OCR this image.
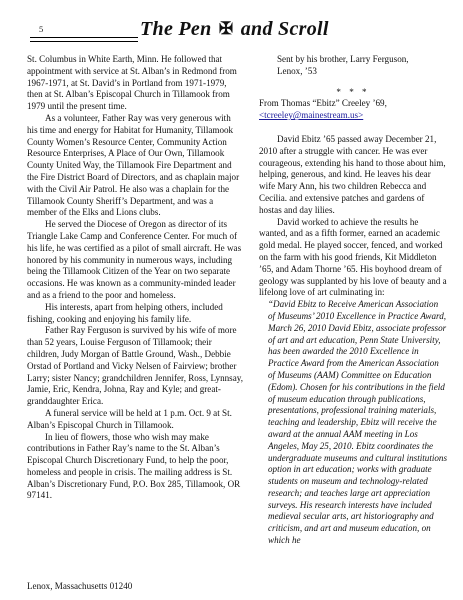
5	The Pen ✠ and Scroll

St. Columbus in White Earth, Minn. He followed that appointment with service at St. Alban’s in Redmond from 1967-1971, at St. David’s in Portland from 1971-1979, then at St. Alban’s Episcopal Church in Tillamook from 1979 until the present time.

As a volunteer, Father Ray was very generous with his time and energy for Habitat for Humanity, Tillamook County Women’s Resource Center, Community Action Resource Enterprises, A Place of Our Own, Tillamook County United Way, the Tillamook Fire Department and the Fire District Board of Directors, and as chaplain major with the Civil Air Patrol. He also was a chaplain for the Tillamook County Sheriff’s Department, and was a member of the Elks and Lions clubs.

He served the Diocese of Oregon as director of its Triangle Lake Camp and Conference Center. For much of his life, he was certified as a pilot of small aircraft. He was honored by his community in numerous ways, including being the Tillamook Citizen of the Year on two separate occasions. He was known as a community-minded leader and as a friend to the poor and homeless.

His interests, apart from helping others, included fishing, cooking and enjoying his family life.

Father Ray Ferguson is survived by his wife of more than 52 years, Louise Ferguson of Tillamook; their children, Judy Morgan of Battle Ground, Wash., Debbie Orstad of Portland and Vicky Nelsen of Fairview; brother Larry; sister Nancy; grandchildren Jennifer, Ross, Lynnsay, Jamie, Eric, Kendra, Johna, Ray and Kyle; and great-granddaughter Erica.

A funeral service will be held at 1 p.m. Oct. 9 at St. Alban’s Episcopal Church in Tillamook.

In lieu of flowers, those who wish may make contributions in Father Ray’s name to the St. Alban’s Episcopal Church Discretionary Fund, to help the poor, homeless and people in crisis. The mailing address is St. Alban’s Discretionary Fund, P.O. Box 285, Tillamook, OR 97141.

Lenox, Massachusetts 01240

Sent by his brother, Larry Ferguson,

Lenox, ’53

* * *

From Thomas “Ebitz” Creeley ’69,

<tcreeley@mainestream.us>

David Ebitz ’65 passed away December 21, 2010 after a struggle with cancer. He was ever courageous, extending his hand to those about him, helping, generous, and kind. He leaves his dear wife Mary Ann, his two children Rebecca and Cecilia. and extensive patches and gardens of hostas and day lilies.

David worked to achieve the results he wanted, and as a fifth former, earned an academic gold medal. He played soccer, fenced, and worked on the farm with his good friends, Kit Middleton ’65, and Adam Thorne ’65. His boyhood dream of geology was supplanted by his love of beauty and a lifelong love of art culminating in:

“David Ebitz to Receive American Association of Museums’ 2010 Excellence in Practice Award, March 26, 2010 David Ebitz, associate professor of art and art education, Penn State University, has been awarded the 2010 Excellence in Practice Award from the American Association of Museums (AAM) Committee on Education (Edom). Chosen for his contributions in the field of museum education through publications, presentations, professional training materials, teaching and leadership, Ebitz will receive the award at the annual AAM meeting in Los Angeles, May 25, 2010. Ebitz coordinates the undergraduate museums and cultural institutions option in art education; works with graduate students on museum and technology-related research; and teaches large art appreciation surveys. His research interests have included medieval secular arts, art historiography and criticism, and art and museum education, on which he
